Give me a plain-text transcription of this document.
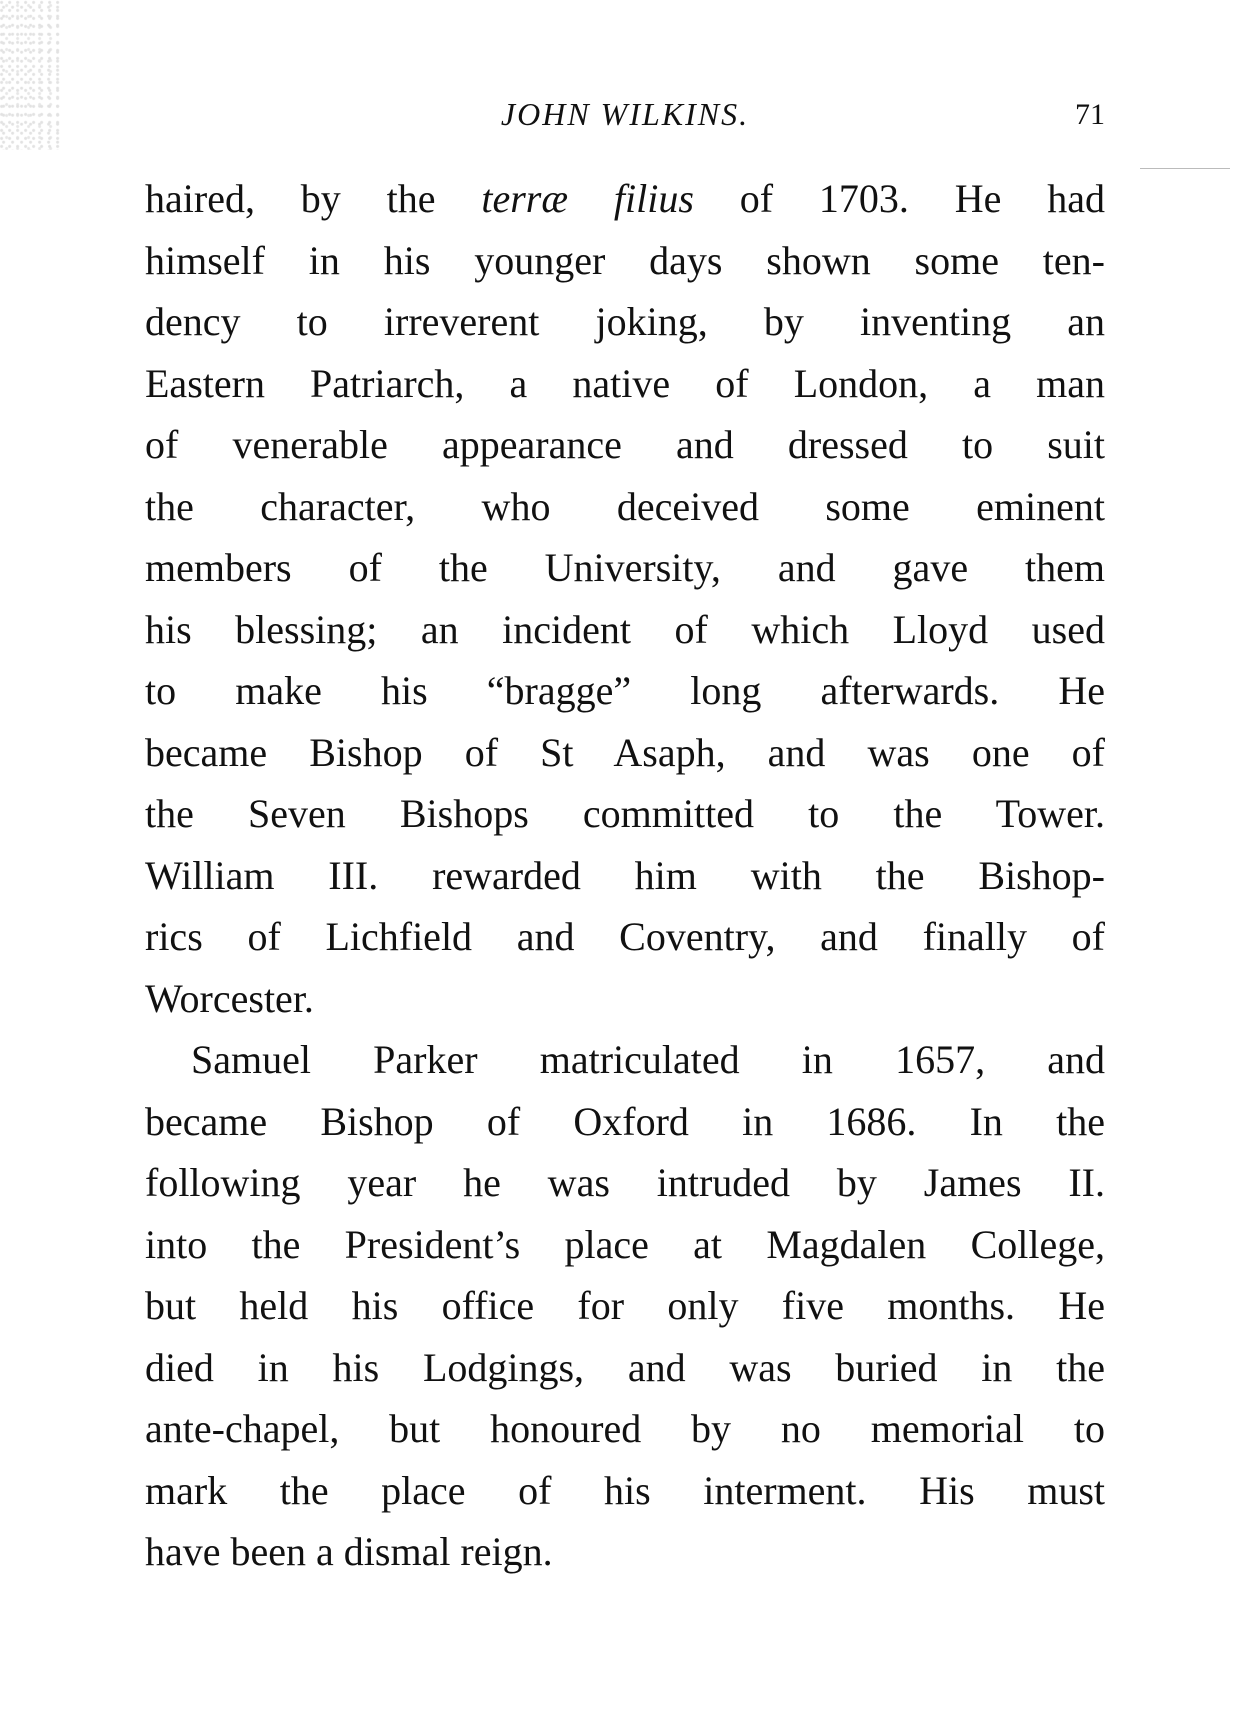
JOHN WILKINS.	71
haired, by the terræ filius of 1703. He had
himself in his younger days shown some ten-
dency to irreverent joking, by inventing an
Eastern Patriarch, a native of London, a man
of venerable appearance and dressed to suit
the character, who deceived some eminent
members of the University, and gave them
his blessing; an incident of which Lloyd used
to make his “bragge” long afterwards. He
became Bishop of St Asaph, and was one of
the Seven Bishops committed to the Tower.
William III. rewarded him with the Bishop-
rics of Lichfield and Coventry, and finally of
Worcester.
Samuel Parker matriculated in 1657, and
became Bishop of Oxford in 1686. In the
following year he was intruded by James II.
into the President’s place at Magdalen College,
but held his office for only five months. He
died in his Lodgings, and was buried in the
ante-chapel, but honoured by no memorial to
mark the place of his interment. His must
have been a dismal reign.
